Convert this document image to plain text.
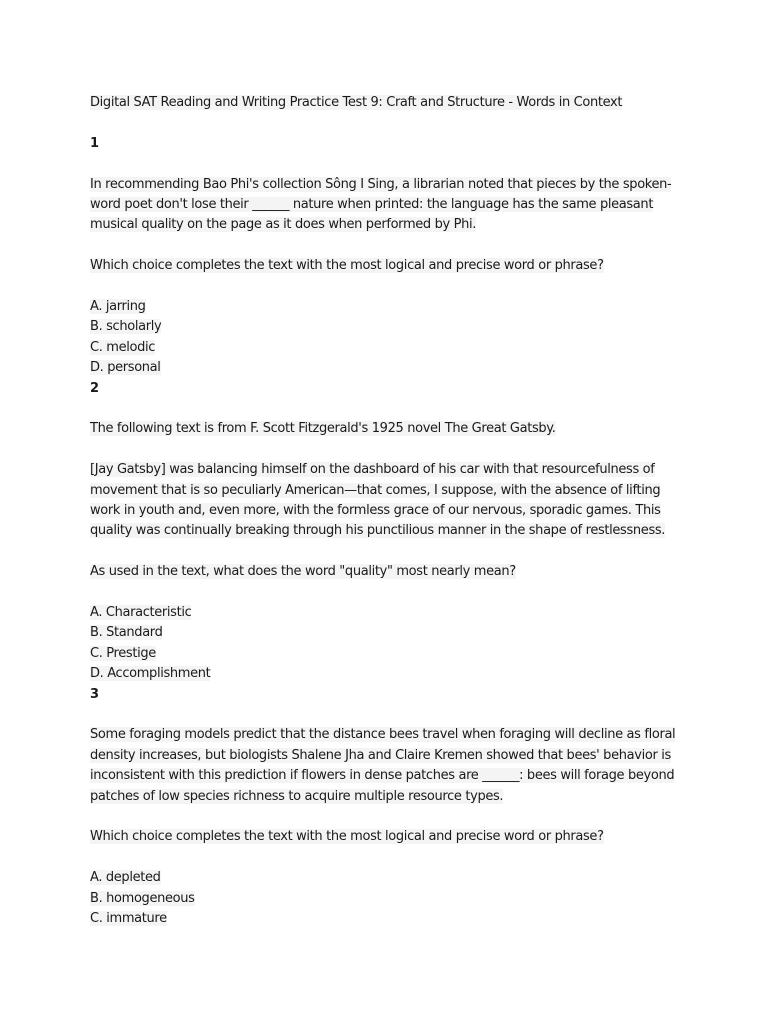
Digital SAT Reading and Writing Practice Test 9: Craft and Structure - Words in Context
1
In recommending Bao Phi's collection Sông I Sing, a librarian noted that pieces by the spoken-
word poet don't lose their ______ nature when printed: the language has the same pleasant
musical quality on the page as it does when performed by Phi.
Which choice completes the text with the most logical and precise word or phrase?
A. jarring
B. scholarly
C. melodic
D. personal
2
The following text is from F. Scott Fitzgerald's 1925 novel The Great Gatsby.
[Jay Gatsby] was balancing himself on the dashboard of his car with that resourcefulness of
movement that is so peculiarly American—that comes, I suppose, with the absence of lifting
work in youth and, even more, with the formless grace of our nervous, sporadic games. This
quality was continually breaking through his punctilious manner in the shape of restlessness.
As used in the text, what does the word "quality" most nearly mean?
A. Characteristic
B. Standard
C. Prestige
D. Accomplishment
3
Some foraging models predict that the distance bees travel when foraging will decline as floral
density increases, but biologists Shalene Jha and Claire Kremen showed that bees' behavior is
inconsistent with this prediction if flowers in dense patches are ______: bees will forage beyond
patches of low species richness to acquire multiple resource types.
Which choice completes the text with the most logical and precise word or phrase?
A. depleted
B. homogeneous
C. immature
